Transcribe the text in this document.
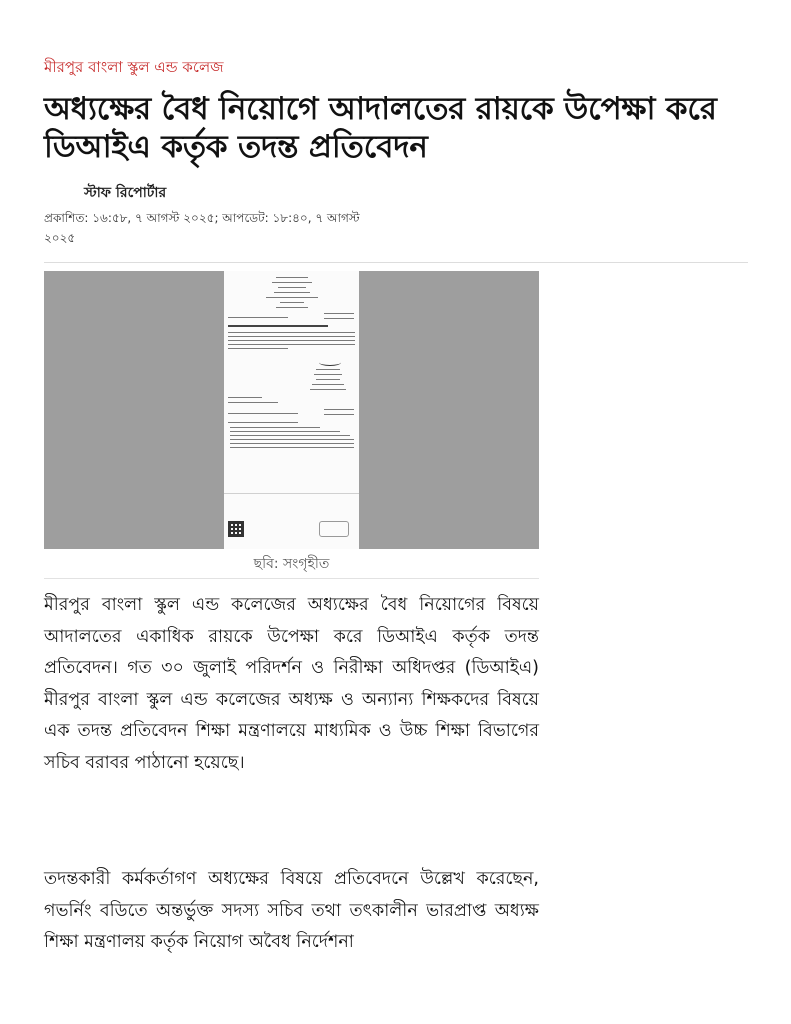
মীরপুর বাংলা স্কুল এন্ড কলেজ
অধ্যক্ষের বৈধ নিয়োগে আদালতের রায়কে উপেক্ষা করে ডিআইএ কর্তৃক তদন্ত প্রতিবেদন
স্টাফ রিপোর্টার
প্রকাশিত: ১৬:৫৮, ৭ আগস্ট ২০২৫; আপডেট: ১৮:৪০, ৭ আগস্ট ২০২৫
ছবি: সংগৃহীত

মীরপুর বাংলা স্কুল এন্ড কলেজের অধ্যক্ষের বৈধ নিয়োগের বিষয়ে আদালতের একাধিক রায়কে উপেক্ষা করে ডিআইএ কর্তৃক তদন্ত প্রতিবেদন। গত ৩০ জুলাই পরিদর্শন ও নিরীক্ষা অধিদপ্তর (ডিআইএ) মীরপুর বাংলা স্কুল এন্ড কলেজের অধ্যক্ষ ও অন্যান্য শিক্ষকদের বিষয়ে এক তদন্ত প্রতিবেদন শিক্ষা মন্ত্রণালয়ে মাধ্যমিক ও উচ্চ শিক্ষা বিভাগের সচিব বরাবর পাঠানো হয়েছে।

তদন্তকারী কর্মকর্তাগণ অধ্যক্ষের বিষয়ে প্রতিবেদনে উল্লেখ করেছেন, গভর্নিং বডিতে অন্তর্ভুক্ত সদস্য সচিব তথা তৎকালীন ভারপ্রাপ্ত অধ্যক্ষ শিক্ষা মন্ত্রণালয় কর্তৃক নিয়োগ অবৈধ নির্দেশনা
